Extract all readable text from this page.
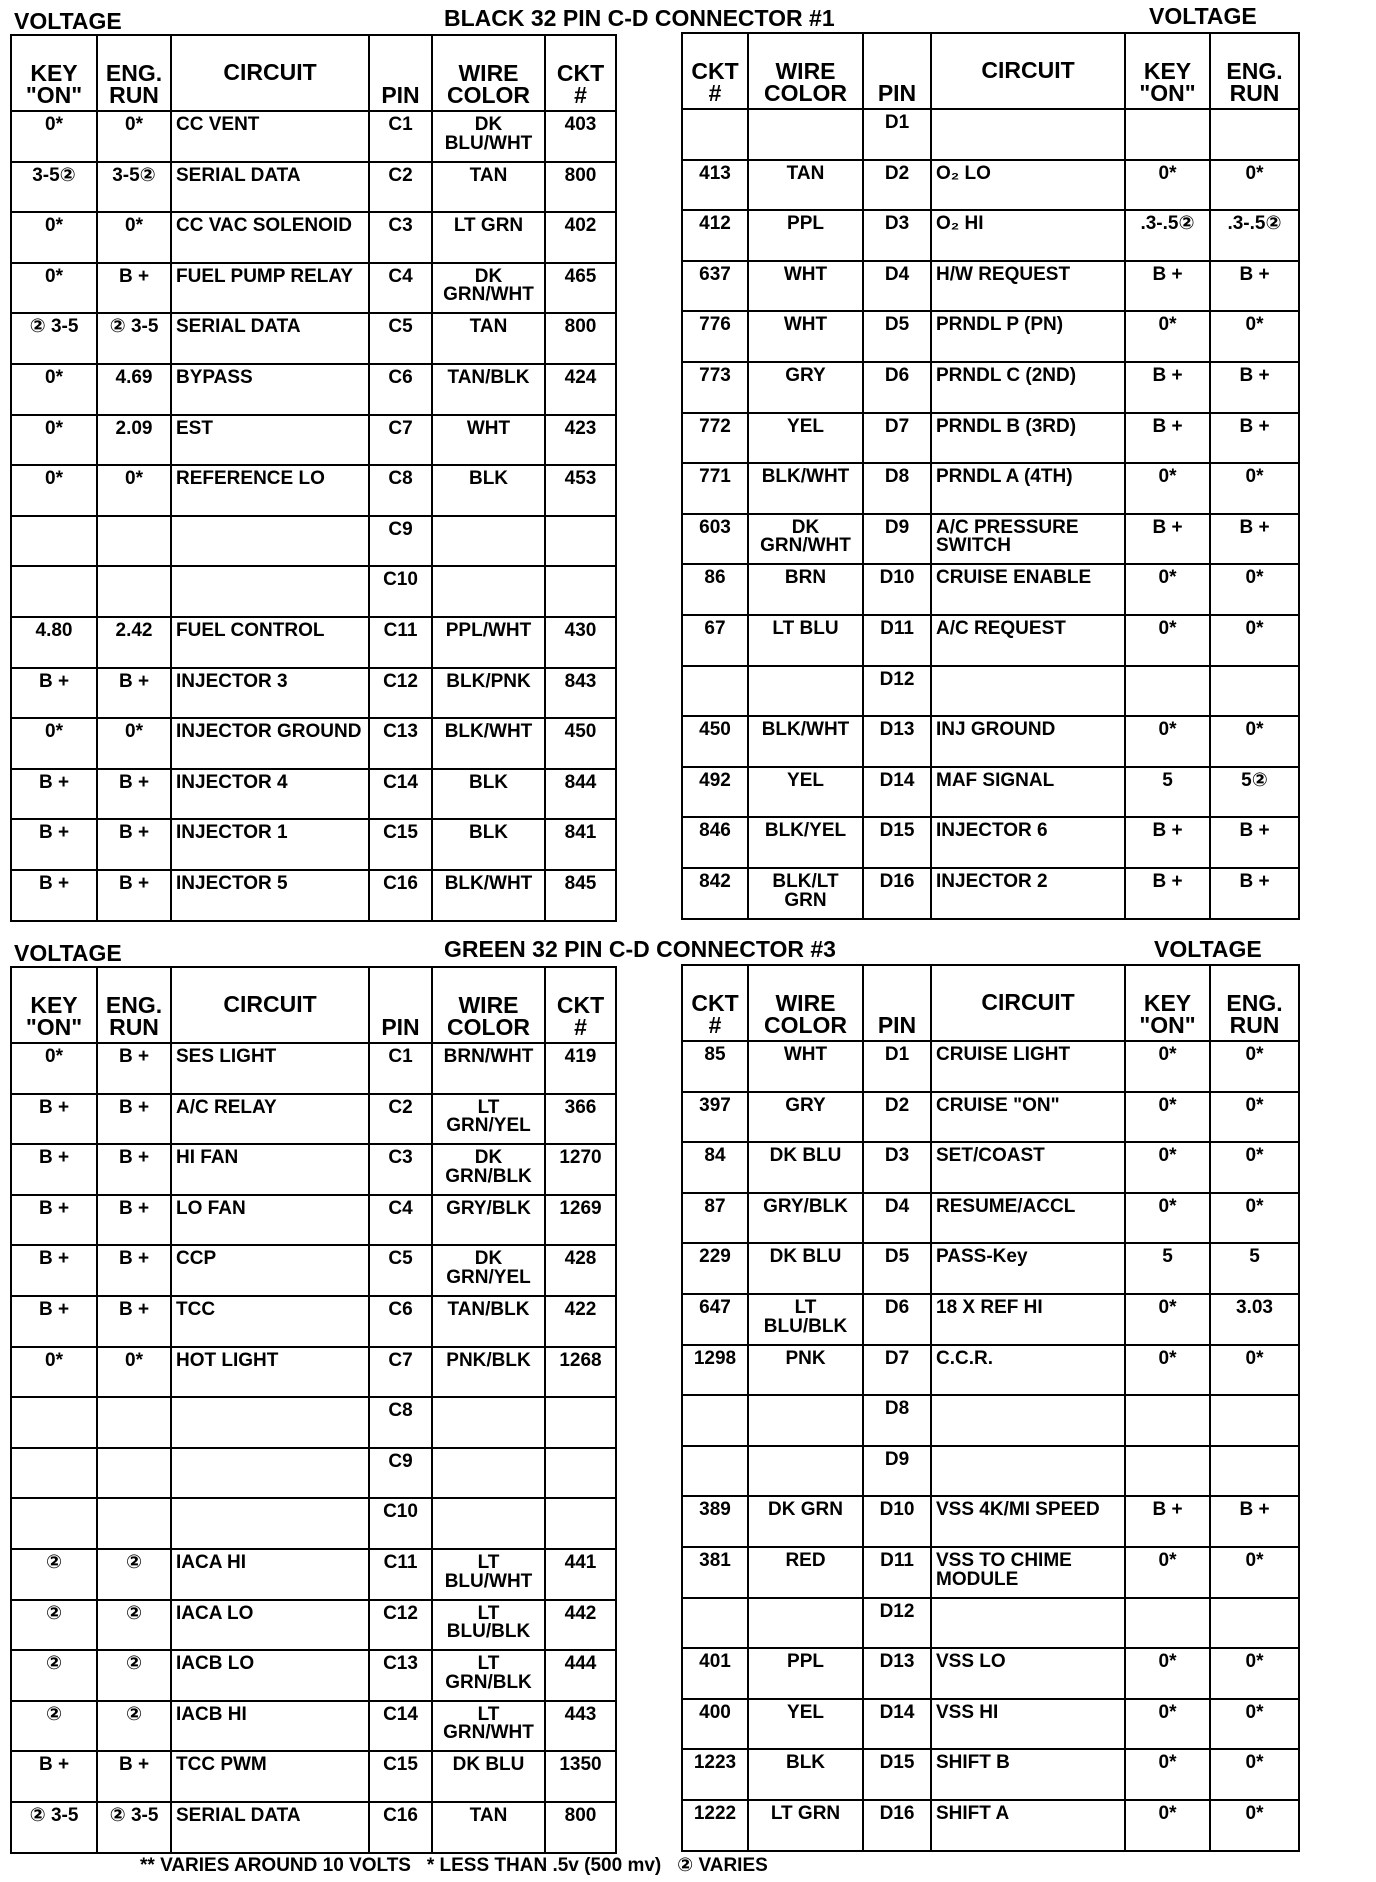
VOLTAGE	BLACK 32 PIN C-D CONNECTOR #1	VOLTAGE
KEY "ON"	ENG. RUN	CIRCUIT	PIN	WIRE COLOR	CKT #
0*	0*	CC VENT	C1	DK BLU/WHT	403
3-5②	3-5②	SERIAL DATA	C2	TAN	800
0*	0*	CC VAC SOLENOID	C3	LT GRN	402
0*	B +	FUEL PUMP RELAY	C4	DK GRN/WHT	465
② 3-5	② 3-5	SERIAL DATA	C5	TAN	800
0*	4.69	BYPASS	C6	TAN/BLK	424
0*	2.09	EST	C7	WHT	423
0*	0*	REFERENCE LO	C8	BLK	453
			C9		
			C10		
4.80	2.42	FUEL CONTROL	C11	PPL/WHT	430
B +	B +	INJECTOR 3	C12	BLK/PNK	843
0*	0*	INJECTOR GROUND	C13	BLK/WHT	450
B +	B +	INJECTOR 4	C14	BLK	844
B +	B +	INJECTOR 1	C15	BLK	841
B +	B +	INJECTOR 5	C16	BLK/WHT	845
CKT #	WIRE COLOR	PIN	CIRCUIT	KEY "ON"	ENG. RUN
		D1			
413	TAN	D2	O₂ LO	0*	0*
412	PPL	D3	O₂ HI	.3-.5②	.3-.5②
637	WHT	D4	H/W REQUEST	B +	B +
776	WHT	D5	PRNDL P (PN)	0*	0*
773	GRY	D6	PRNDL C (2ND)	B +	B +
772	YEL	D7	PRNDL B (3RD)	B +	B +
771	BLK/WHT	D8	PRNDL A (4TH)	0*	0*
603	DK GRN/WHT	D9	A/C PRESSURE SWITCH	B +	B +
86	BRN	D10	CRUISE ENABLE	0*	0*
67	LT BLU	D11	A/C REQUEST	0*	0*
		D12			
450	BLK/WHT	D13	INJ GROUND	0*	0*
492	YEL	D14	MAF SIGNAL	5	5②
846	BLK/YEL	D15	INJECTOR 6	B +	B +
842	BLK/LT GRN	D16	INJECTOR 2	B +	B +
VOLTAGE	GREEN 32 PIN C-D CONNECTOR #3	VOLTAGE
KEY "ON"	ENG. RUN	CIRCUIT	PIN	WIRE COLOR	CKT #
0*	B +	SES LIGHT	C1	BRN/WHT	419
B +	B +	A/C RELAY	C2	LT GRN/YEL	366
B +	B +	HI FAN	C3	DK GRN/BLK	1270
B +	B +	LO FAN	C4	GRY/BLK	1269
B +	B +	CCP	C5	DK GRN/YEL	428
B +	B +	TCC	C6	TAN/BLK	422
0*	0*	HOT LIGHT	C7	PNK/BLK	1268
			C8		
			C9		
			C10		
②	②	IACA HI	C11	LT BLU/WHT	441
②	②	IACA LO	C12	LT BLU/BLK	442
②	②	IACB LO	C13	LT GRN/BLK	444
②	②	IACB HI	C14	LT GRN/WHT	443
B +	B +	TCC PWM	C15	DK BLU	1350
② 3-5	② 3-5	SERIAL DATA	C16	TAN	800
CKT #	WIRE COLOR	PIN	CIRCUIT	KEY "ON"	ENG. RUN
85	WHT	D1	CRUISE LIGHT	0*	0*
397	GRY	D2	CRUISE "ON"	0*	0*
84	DK BLU	D3	SET/COAST	0*	0*
87	GRY/BLK	D4	RESUME/ACCL	0*	0*
229	DK BLU	D5	PASS-Key	5	5
647	LT BLU/BLK	D6	18 X REF HI	0*	3.03
1298	PNK	D7	C.C.R.	0*	0*
		D8			
		D9			
389	DK GRN	D10	VSS 4K/MI SPEED	B +	B +
381	RED	D11	VSS TO CHIME MODULE	0*	0*
		D12			
401	PPL	D13	VSS LO	0*	0*
400	YEL	D14	VSS HI	0*	0*
1223	BLK	D15	SHIFT B	0*	0*
1222	LT GRN	D16	SHIFT A	0*	0*
** VARIES AROUND 10 VOLTS * LESS THAN .5v (500 mv) ② VARIES
